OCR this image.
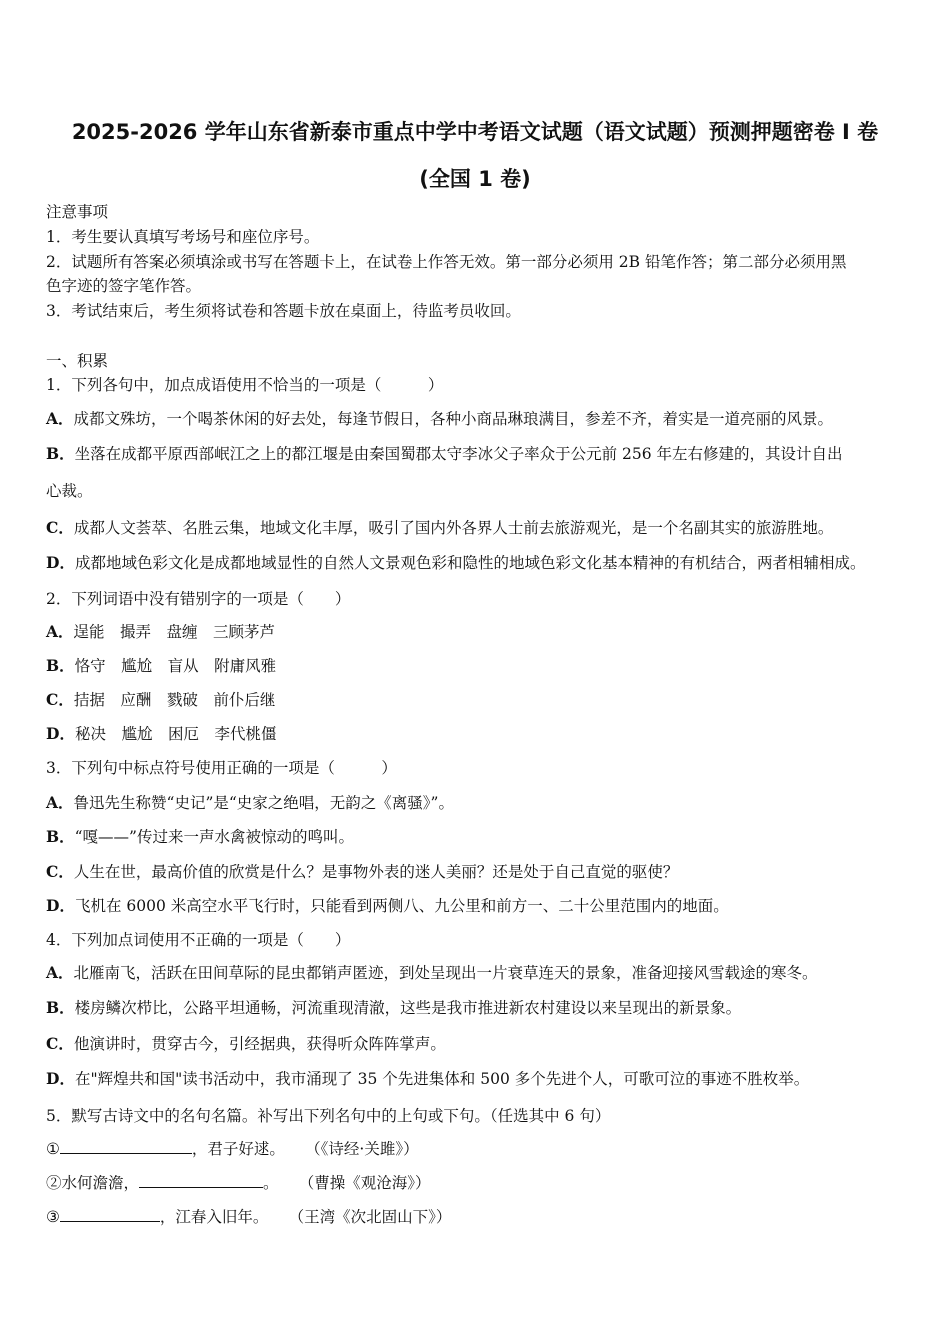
2025-2026 学年山东省新泰市重点中学中考语文试题（语文试题）预测押题密卷 I 卷
(全国 1 卷)
注意事项
1．考生要认真填写考场号和座位序号。
2．试题所有答案必须填涂或书写在答题卡上，在试卷上作答无效。第一部分必须用 2B 铅笔作答；第二部分必须用黑
色字迹的签字笔作答。
3．考试结束后，考生须将试卷和答题卡放在桌面上，待监考员收回。
一、积累
1．下列各句中，加点成语使用不恰当的一项是（　　　）
A．成都文殊坊，一个喝茶休闲的好去处，每逢节假日，各种小商品琳琅满目，参差不齐，着实是一道亮丽的风景。
B．坐落在成都平原西部岷江之上的都江堰是由秦国蜀郡太守李冰父子率众于公元前 256 年左右修建的，其设计自出
心裁。
C．成都人文荟萃、名胜云集，地域文化丰厚，吸引了国内外各界人士前去旅游观光，是一个名副其实的旅游胜地。
D．成都地域色彩文化是成都地域显性的自然人文景观色彩和隐性的地域色彩文化基本精神的有机结合，两者相辅相成。
2．下列词语中没有错别字的一项是（　　）
A．逞能　撮弄　盘缠　三顾茅芦
B．恪守　尴尬　盲从　附庸风雅
C．拮据　应酬　戮破　前仆后继
D．秘决　尴尬　困厄　李代桃僵
3．下列句中标点符号使用正确的一项是（　　　）
A．鲁迅先生称赞“史记”是“史家之绝唱，无韵之《离骚》”。
B．“嘎——”传过来一声水禽被惊动的鸣叫。
C．人生在世，最高价值的欣赏是什么？是事物外表的迷人美丽？还是处于自己直觉的驱使？
D．飞机在 6000 米高空水平飞行时，只能看到两侧八、九公里和前方一、二十公里范围内的地面。
4．下列加点词使用不正确的一项是（　　）
A．北雁南飞，活跃在田间草际的昆虫都销声匿迹，到处呈现出一片衰草连天的景象，准备迎接风雪载途的寒冬。
B．楼房鳞次栉比，公路平坦通畅，河流重现清澈，这些是我市推进新农村建设以来呈现出的新景象。
C．他演讲时，贯穿古今，引经据典，获得听众阵阵掌声。
D．在"辉煌共和国"读书活动中，我市涌现了 35 个先进集体和 500 多个先进个人，可歌可泣的事迹不胜枚举。
5．默写古诗文中的名句名篇。补写出下列名句中的上句或下句。（任选其中 6 句）
①	，君子好逑。 （《诗经·关雎》）
②水何澹澹，	。 （曹操《观沧海》）
③	，江春入旧年。 （王湾《次北固山下》）
